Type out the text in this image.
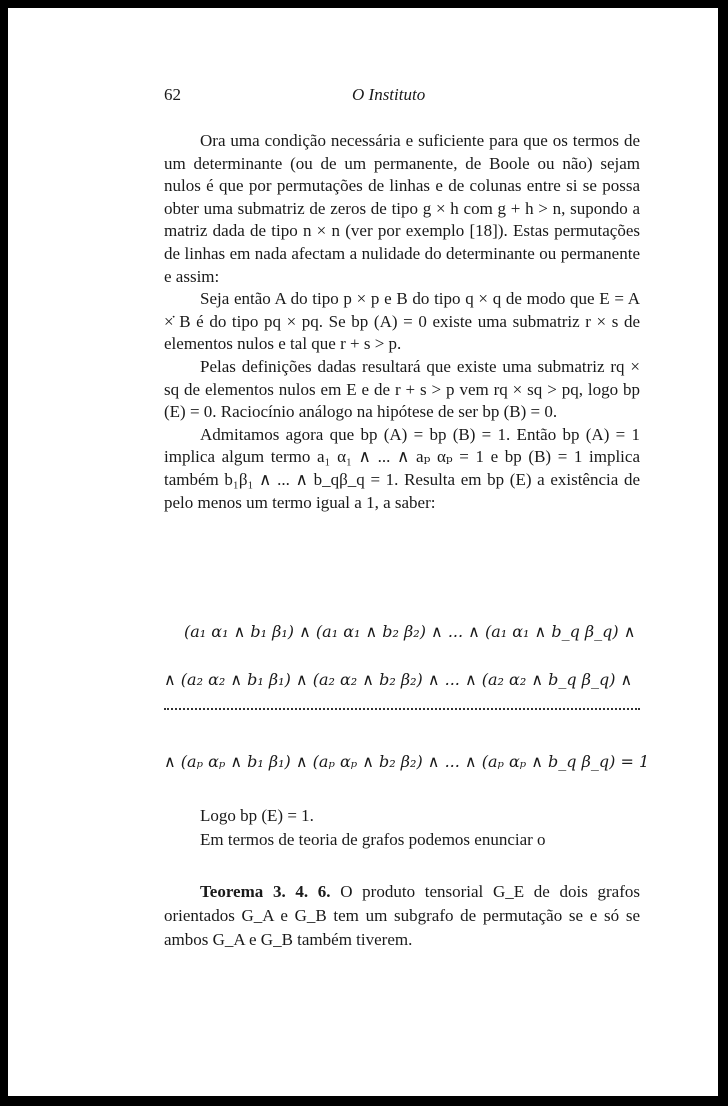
62	O Instituto

Ora uma condição necessária e suficiente para que os termos de um determinante (ou de um permanente, de Boole ou não) sejam nulos é que por permutações de linhas e de colunas entre si se possa obter uma submatriz de zeros de tipo g × h com g + h > n, supondo a matriz dada de tipo n × n (ver por exemplo [18]). Estas permutações de linhas em nada afectam a nulidade do determinante ou permanente e assim:

Seja então A do tipo p × p e B do tipo q × q de modo que E = A ×̇ B é do tipo pq × pq. Se bp (A) = 0 existe uma submatriz r × s de elementos nulos e tal que r + s > p.

Pelas definições dadas resultará que existe uma submatriz rq × sq de elementos nulos em E e de r + s > p vem rq × sq > pq, logo bp (E) = 0. Raciocínio análogo na hipótese de ser bp (B) = 0.

Admitamos agora que bp (A) = bp (B) = 1. Então bp (A) = 1 implica algum termo a₁ α₁ ∧ ... ∧ aₚ αₚ = 1 e bp (B) = 1 implica também b₁β₁ ∧ ... ∧ b_qβ_q = 1. Resulta em bp (E) a existência de pelo menos um termo igual a 1, a saber:

(a₁ α₁ ∧ b₁ β₁) ∧ (a₁ α₁ ∧ b₂ β₂) ∧ ... ∧ (a₁ α₁ ∧ b_q β_q) ∧
∧ (a₂ α₂ ∧ b₁ β₁) ∧ (a₂ α₂ ∧ b₂ β₂) ∧ ... ∧ (a₂ α₂ ∧ b_q β_q) ∧
∧ (aₚ αₚ ∧ b₁ β₁) ∧ (aₚ αₚ ∧ b₂ β₂) ∧ ... ∧ (aₚ αₚ ∧ b_q β_q) = 1
Logo bp (E) = 1.
Em termos de teoria de grafos podemos enunciar o

Teorema 3. 4. 6. O produto tensorial G_E de dois grafos orientados G_A e G_B tem um subgrafo de permutação se e só se ambos G_A e G_B também tiverem.
